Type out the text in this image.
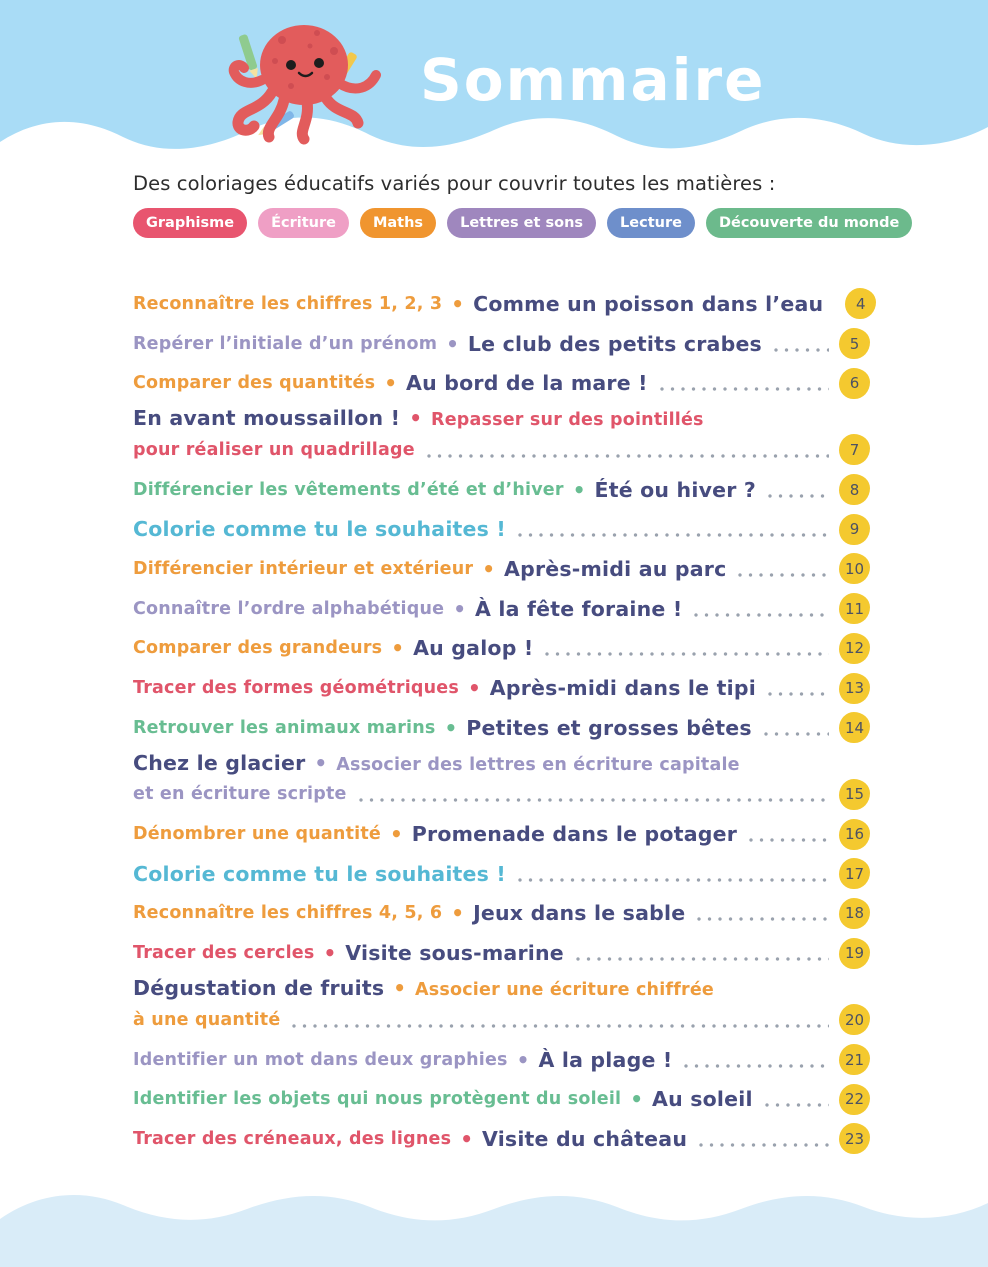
Sommaire
Des coloriages éducatifs variés pour couvrir toutes les matières :
Graphisme	Écriture	Maths	Lettres et sons	Lecture	Découverte du monde
Reconnaître les chiffres 1, 2, 3 • Comme un poisson dans l’eau	4
Repérer l’initiale d’un prénom • Le club des petits crabes	5
Comparer des quantités • Au bord de la mare !	6
En avant moussaillon ! • Repasser sur des pointillés
pour réaliser un quadrillage	7
Différencier les vêtements d’été et d’hiver • Été ou hiver ?	8
Colorie comme tu le souhaites !	9
Différencier intérieur et extérieur • Après-midi au parc	10
Connaître l’ordre alphabétique • À la fête foraine !	11
Comparer des grandeurs • Au galop !	12
Tracer des formes géométriques • Après-midi dans le tipi	13
Retrouver les animaux marins • Petites et grosses bêtes	14
Chez le glacier • Associer des lettres en écriture capitale
et en écriture scripte	15
Dénombrer une quantité • Promenade dans le potager	16
Colorie comme tu le souhaites !	17
Reconnaître les chiffres 4, 5, 6 • Jeux dans le sable	18
Tracer des cercles • Visite sous-marine	19
Dégustation de fruits • Associer une écriture chiffrée
à une quantité	20
Identifier un mot dans deux graphies • À la plage !	21
Identifier les objets qui nous protègent du soleil • Au soleil	22
Tracer des créneaux, des lignes • Visite du château	23
